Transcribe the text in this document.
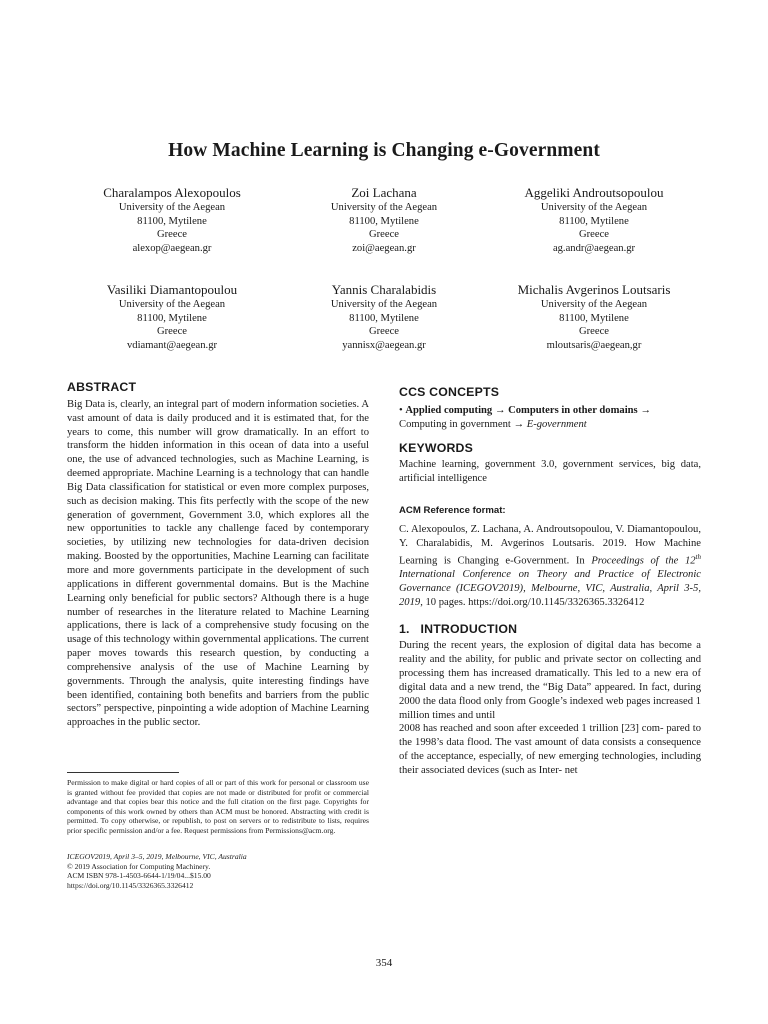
How Machine Learning is Changing e-Government
Charalampos Alexopoulos
University of the Aegean
81100, Mytilene
Greece
alexop@aegean.gr
Zoi Lachana
University of the Aegean
81100, Mytilene
Greece
zoi@aegean.gr
Aggeliki Androutsopoulou
University of the Aegean
81100, Mytilene
Greece
ag.andr@aegean.gr
Vasiliki Diamantopoulou
University of the Aegean
81100, Mytilene
Greece
vdiamant@aegean.gr
Yannis Charalabidis
University of the Aegean
81100, Mytilene
Greece
yannisx@aegean.gr
Michalis Avgerinos Loutsaris
University of the Aegean
81100, Mytilene
Greece
mloutsaris@aegean,gr
ABSTRACT

Big Data is, clearly, an integral part of modern information societies. A vast amount of data is daily produced and it is estimated that, for the years to come, this number will grow dramatically. In an effort to transform the hidden information in this ocean of data into a useful one, the use of advanced technologies, such as Machine Learning, is deemed appropriate. Machine Learning is a technology that can handle Big Data classification for statistical or even more complex purposes, such as decision making. This fits perfectly with the scope of the new generation of government, Government 3.0, which explores all the new opportunities to tackle any challenge faced by contemporary societies, by utilizing new technologies for data-driven decision making. Boosted by the opportunities, Machine Learning can facilitate more and more governments participate in the development of such applications in different governmental domains. But is the Machine Learning only beneficial for public sectors? Although there is a huge number of researches in the literature related to Machine Learning applications, there is lack of a comprehensive study focusing on the usage of this technology within governmental applications. The current paper moves towards this research question, by conducting a comprehensive analysis of the use of Machine Learning by governments. Through the analysis, quite interesting findings have been identified, containing both benefits and barriers from the public sectors” perspective, pinpointing a wide adoption of Machine Learning approaches in the public sector.

Permission to make digital or hard copies of all or part of this work for personal or classroom use is granted without fee provided that copies are not made or distributed for profit or commercial advantage and that copies bear this notice and the full citation on the first page. Copyrights for components of this work owned by others than ACM must be honored. Abstracting with credit is permitted. To copy otherwise, or republish, to post on servers or to redistribute to lists, requires prior specific permission and/or a fee. Request permissions from Permissions@acm.org.
ICEGOV2019, April 3–5, 2019, Melbourne, VIC, Australia
© 2019 Association for Computing Machinery.
ACM ISBN 978-1-4503-6644-1/19/04...$15.00
https://doi.org/10.1145/3326365.3326412
CCS CONCEPTS

• Applied computing → Computers in other domains →
Computing in government → E-government

KEYWORDS

Machine learning, government 3.0, government services, big data, artificial intelligence

ACM Reference format:

C. Alexopoulos, Z. Lachana, A. Androutsopoulou, V. Diamantopoulou, Y. Charalabidis, M. Avgerinos Loutsaris. 2019. How Machine Learning is Changing e-Government. In Proceedings of the 12th International Conference on Theory and Practice of Electronic Governance (ICEGOV2019), Melbourne, VIC, Australia, April 3-5, 2019, 10 pages. https://doi.org/10.1145/3326365.3326412

1.   INTRODUCTION

During the recent years, the explosion of digital data has become a reality and the ability, for public and private sector on collecting and processing them has increased dramatically. This led to a new era of digital data and a new trend, the “Big Data” appeared. In fact, during 2000 the data flood only from Google’s indexed web pages increased 1 million times and until

2008 has reached and soon after exceeded 1 trillion [23] com- pared to the 1998’s data flood. The vast amount of data consists a consequence of the acceptance, especially, of new emerging technologies, including their associated devices (such as Inter- net

354
